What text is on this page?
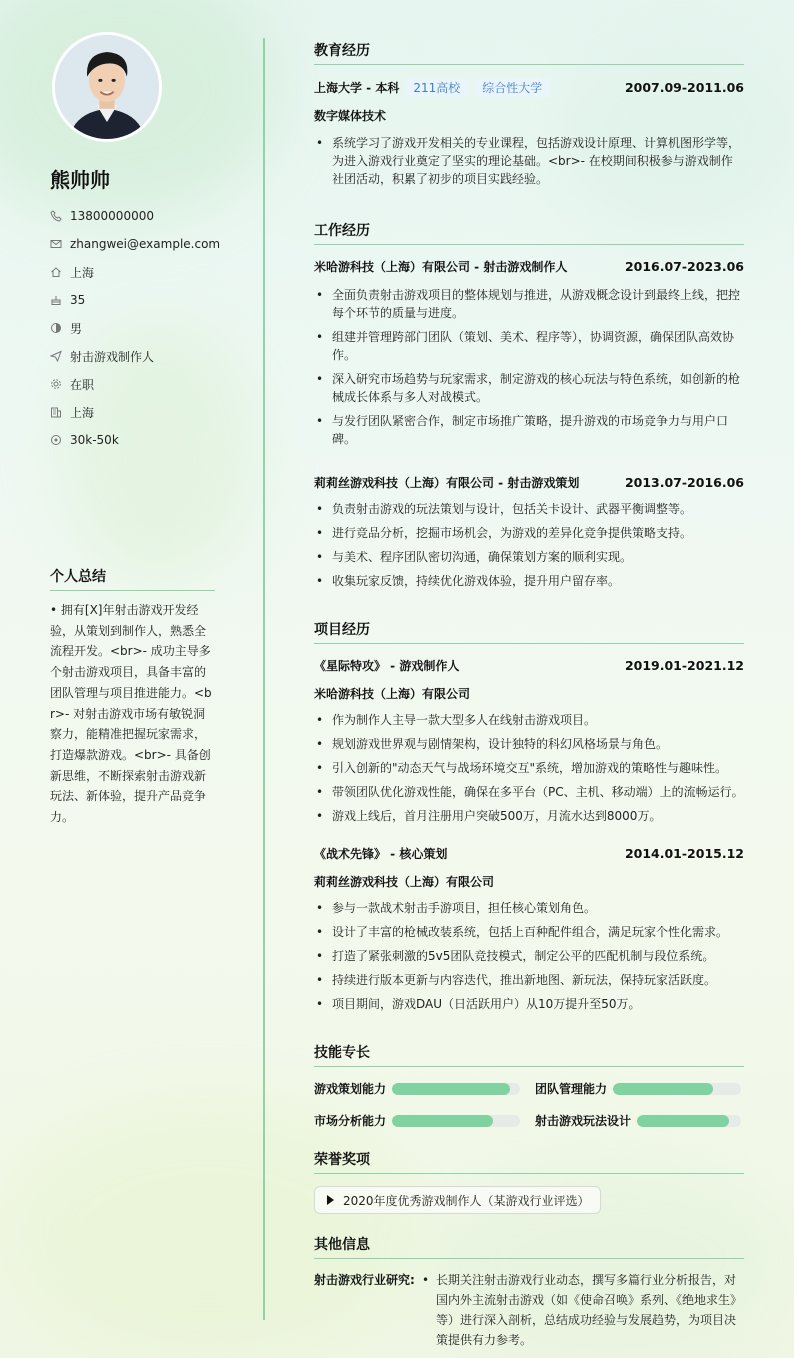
熊帅帅
13800000000
zhangwei@example.com
上海
35
男
射击游戏制作人
在职
上海
30k-50k
个人总结
• 拥有[X]年射击游戏开发经验，从策划到制作人，熟悉全流程开发。<br>- 成功主导多个射击游戏项目，具备丰富的团队管理与项目推进能力。<br>- 对射击游戏市场有敏锐洞察力，能精准把握玩家需求，打造爆款游戏。<br>- 具备创新思维，不断探索射击游戏新玩法、新体验，提升产品竞争力。
教育经历
上海大学 - 本科 211高校 综合性大学	2007.09-2011.06
数字媒体技术
• 系统学习了游戏开发相关的专业课程，包括游戏设计原理、计算机图形学等，为进入游戏行业奠定了坚实的理论基础。<br>- 在校期间积极参与游戏制作社团活动，积累了初步的项目实践经验。
工作经历
米哈游科技（上海）有限公司 - 射击游戏制作人	2016.07-2023.06
• 全面负责射击游戏项目的整体规划与推进，从游戏概念设计到最终上线，把控每个环节的质量与进度。
• 组建并管理跨部门团队（策划、美术、程序等），协调资源，确保团队高效协作。
• 深入研究市场趋势与玩家需求，制定游戏的核心玩法与特色系统，如创新的枪械成长体系与多人对战模式。
• 与发行团队紧密合作，制定市场推广策略，提升游戏的市场竞争力与用户口碑。
莉莉丝游戏科技（上海）有限公司 - 射击游戏策划	2013.07-2016.06
• 负责射击游戏的玩法策划与设计，包括关卡设计、武器平衡调整等。
• 进行竞品分析，挖掘市场机会，为游戏的差异化竞争提供策略支持。
• 与美术、程序团队密切沟通，确保策划方案的顺利实现。
• 收集玩家反馈，持续优化游戏体验，提升用户留存率。
项目经历
《星际特攻》 - 游戏制作人	2019.01-2021.12
米哈游科技（上海）有限公司
• 作为制作人主导一款大型多人在线射击游戏项目。
• 规划游戏世界观与剧情架构，设计独特的科幻风格场景与角色。
• 引入创新的"动态天气与战场环境交互"系统，增加游戏的策略性与趣味性。
• 带领团队优化游戏性能，确保在多平台（PC、主机、移动端）上的流畅运行。
• 游戏上线后，首月注册用户突破500万，月流水达到8000万。
《战术先锋》 - 核心策划	2014.01-2015.12
莉莉丝游戏科技（上海）有限公司
• 参与一款战术射击手游项目，担任核心策划角色。
• 设计了丰富的枪械改装系统，包括上百种配件组合，满足玩家个性化需求。
• 打造了紧张刺激的5v5团队竞技模式，制定公平的匹配机制与段位系统。
• 持续进行版本更新与内容迭代，推出新地图、新玩法，保持玩家活跃度。
• 项目期间，游戏DAU（日活跃用户）从10万提升至50万。
技能专长
游戏策划能力	团队管理能力
市场分析能力	射击游戏玩法设计
荣誉奖项
2020年度优秀游戏制作人（某游戏行业评选）
其他信息
射击游戏行业研究:
•	长期关注射击游戏行业动态，撰写多篇行业分析报告，对国内外主流射击游戏（如《使命召唤》系列、《绝地求生》等）进行深入剖析，总结成功经验与发展趋势，为项目决策提供有力参考。
